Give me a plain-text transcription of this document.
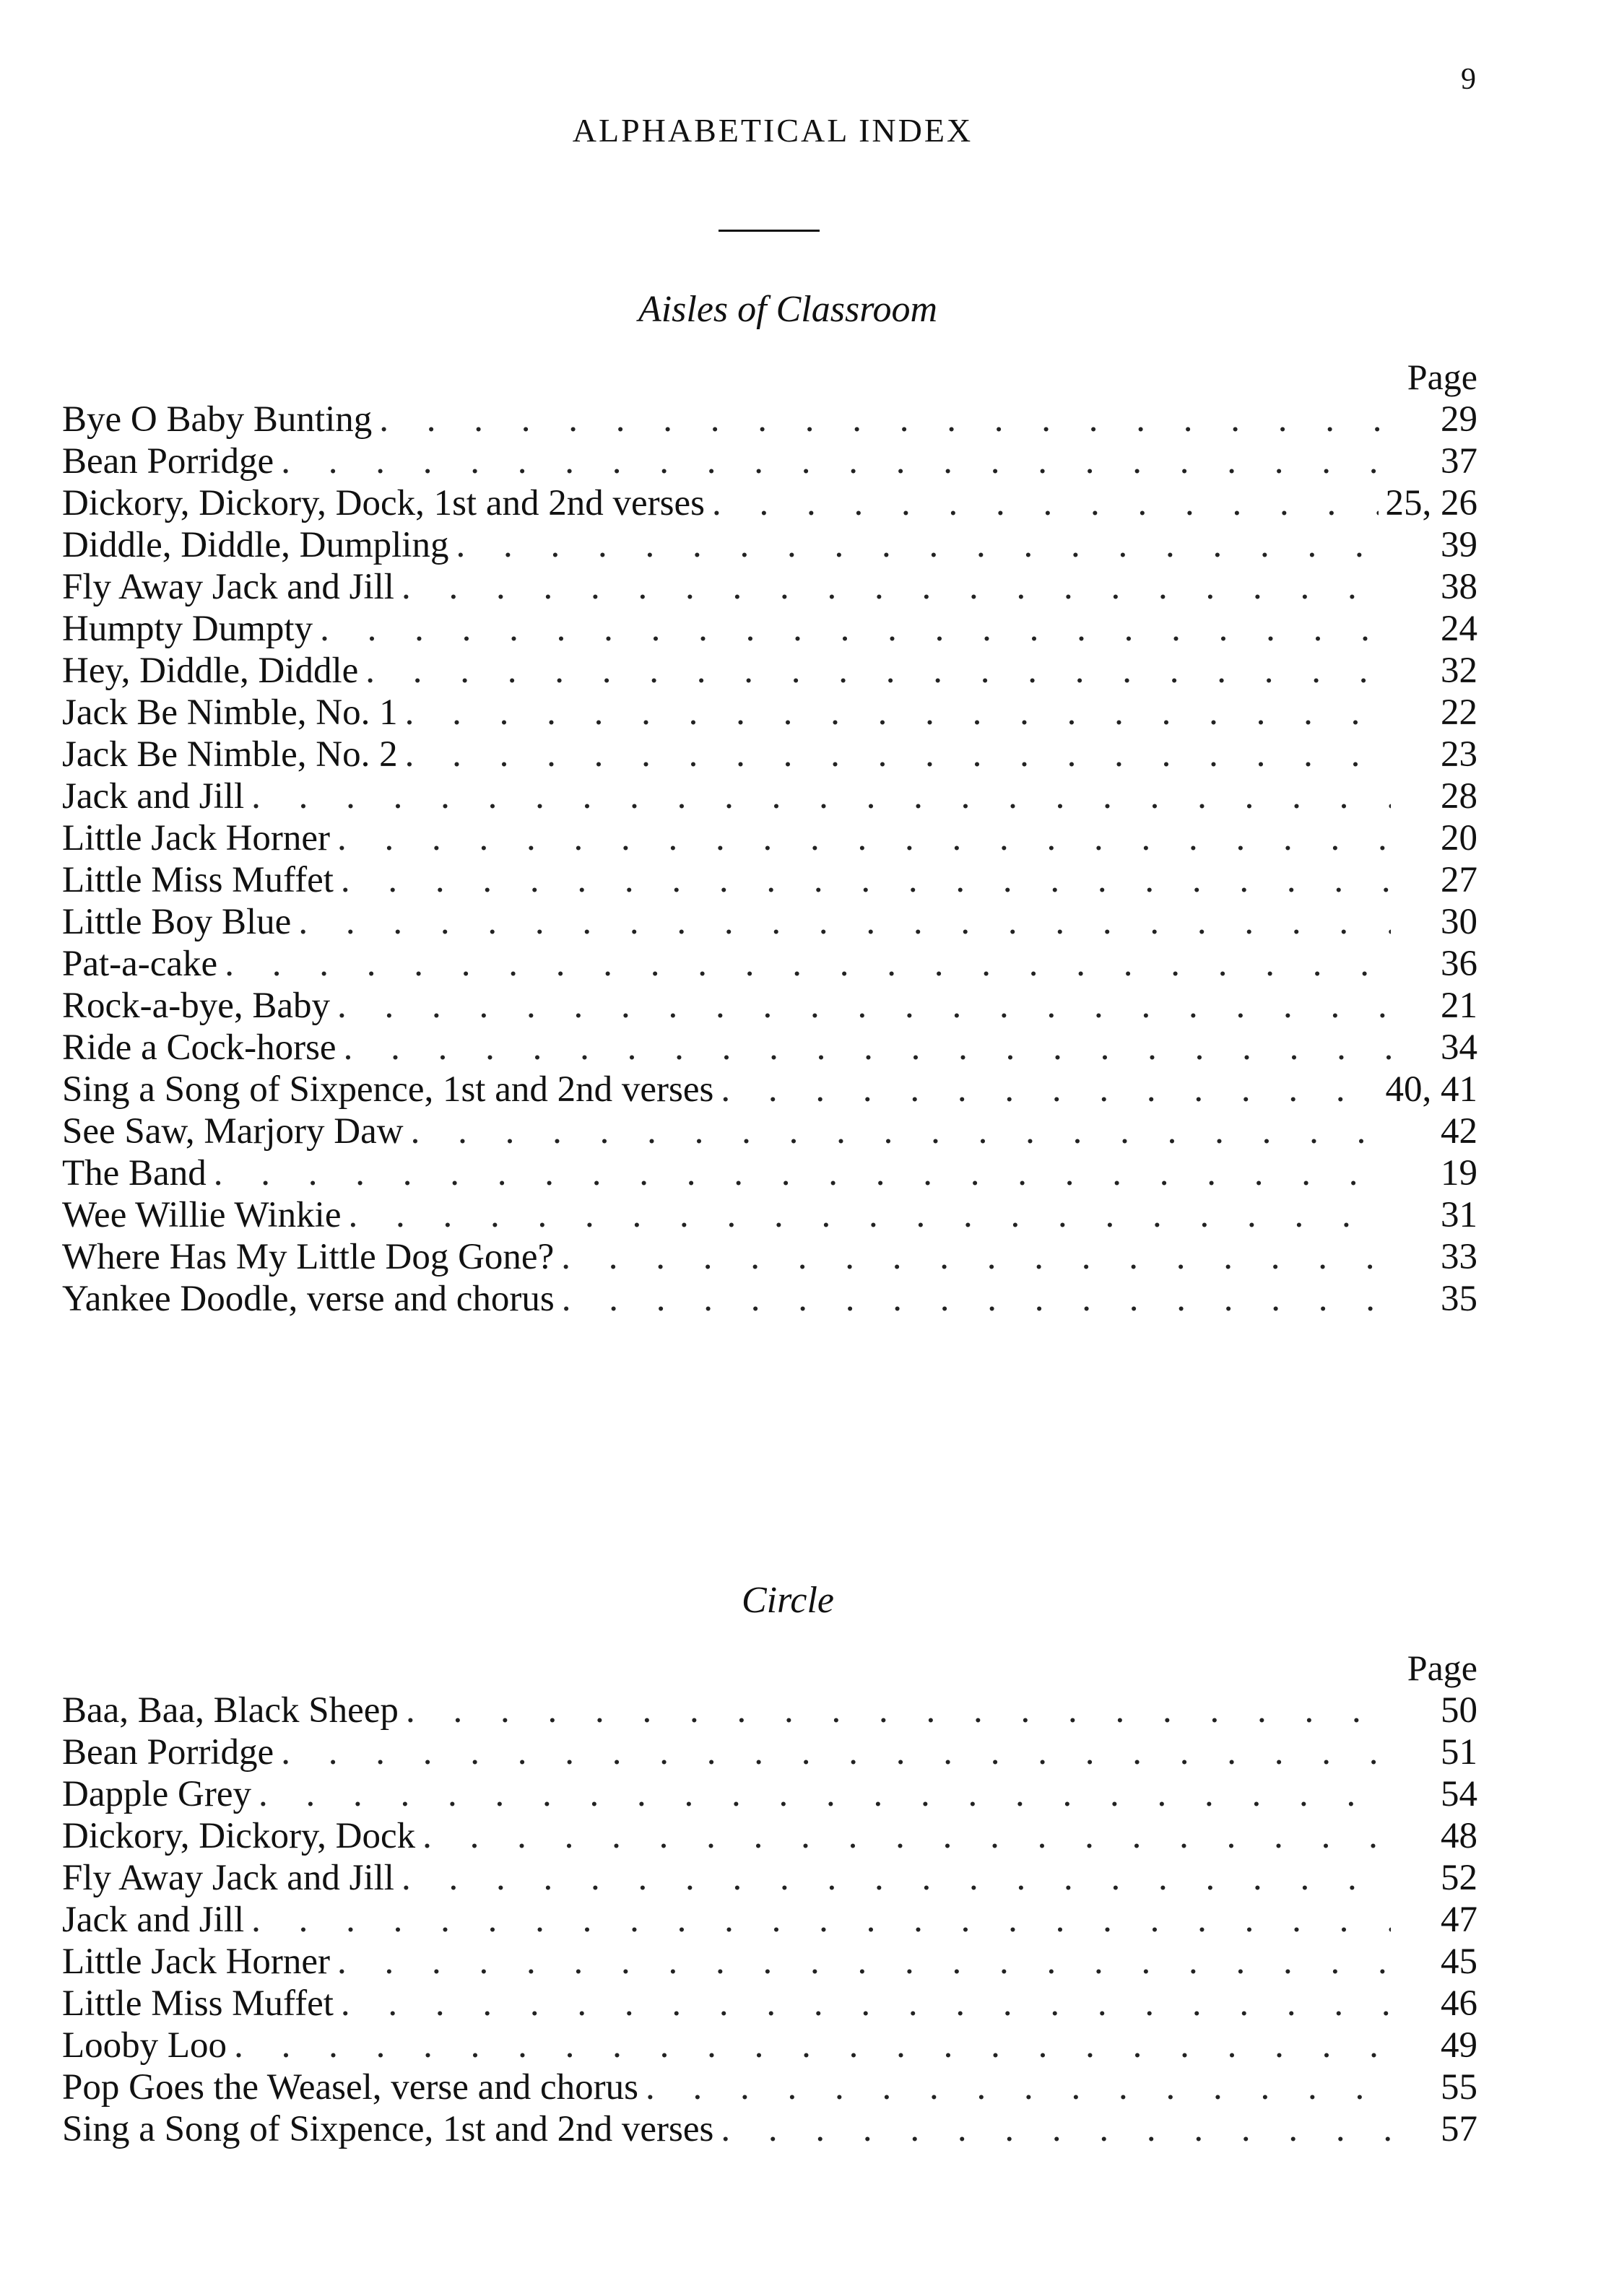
9
ALPHABETICAL INDEX
Aisles of Classroom
Page
Bye O Baby Bunting . . .	29
Bean Porridge . . .	37
Dickory, Dickory, Dock, 1st and 2nd verses . . .	25, 26
Diddle, Diddle, Dumpling . . .	39
Fly Away Jack and Jill . . .	38
Humpty Dumpty . . .	24
Hey, Diddle, Diddle . . .	32
Jack Be Nimble, No. 1 . . .	22
Jack Be Nimble, No. 2 . . .	23
Jack and Jill . . .	28
Little Jack Horner . . .	20
Little Miss Muffet . . .	27
Little Boy Blue . . .	30
Pat-a-cake . . .	36
Rock-a-bye, Baby . . .	21
Ride a Cock-horse . . .	34
Sing a Song of Sixpence, 1st and 2nd verses . . .	40, 41
See Saw, Marjory Daw . . .	42
The Band . . .	19
Wee Willie Winkie . . .	31
Where Has My Little Dog Gone? . . .	33
Yankee Doodle, verse and chorus . . .	35
Circle
Page
Baa, Baa, Black Sheep . . .	50
Bean Porridge . . .	51
Dapple Grey . . .	54
Dickory, Dickory, Dock . . .	48
Fly Away Jack and Jill . . .	52
Jack and Jill . . .	47
Little Jack Horner . . .	45
Little Miss Muffet . . .	46
Looby Loo . . .	49
Pop Goes the Weasel, verse and chorus . . .	55
Sing a Song of Sixpence, 1st and 2nd verses . . .	57
